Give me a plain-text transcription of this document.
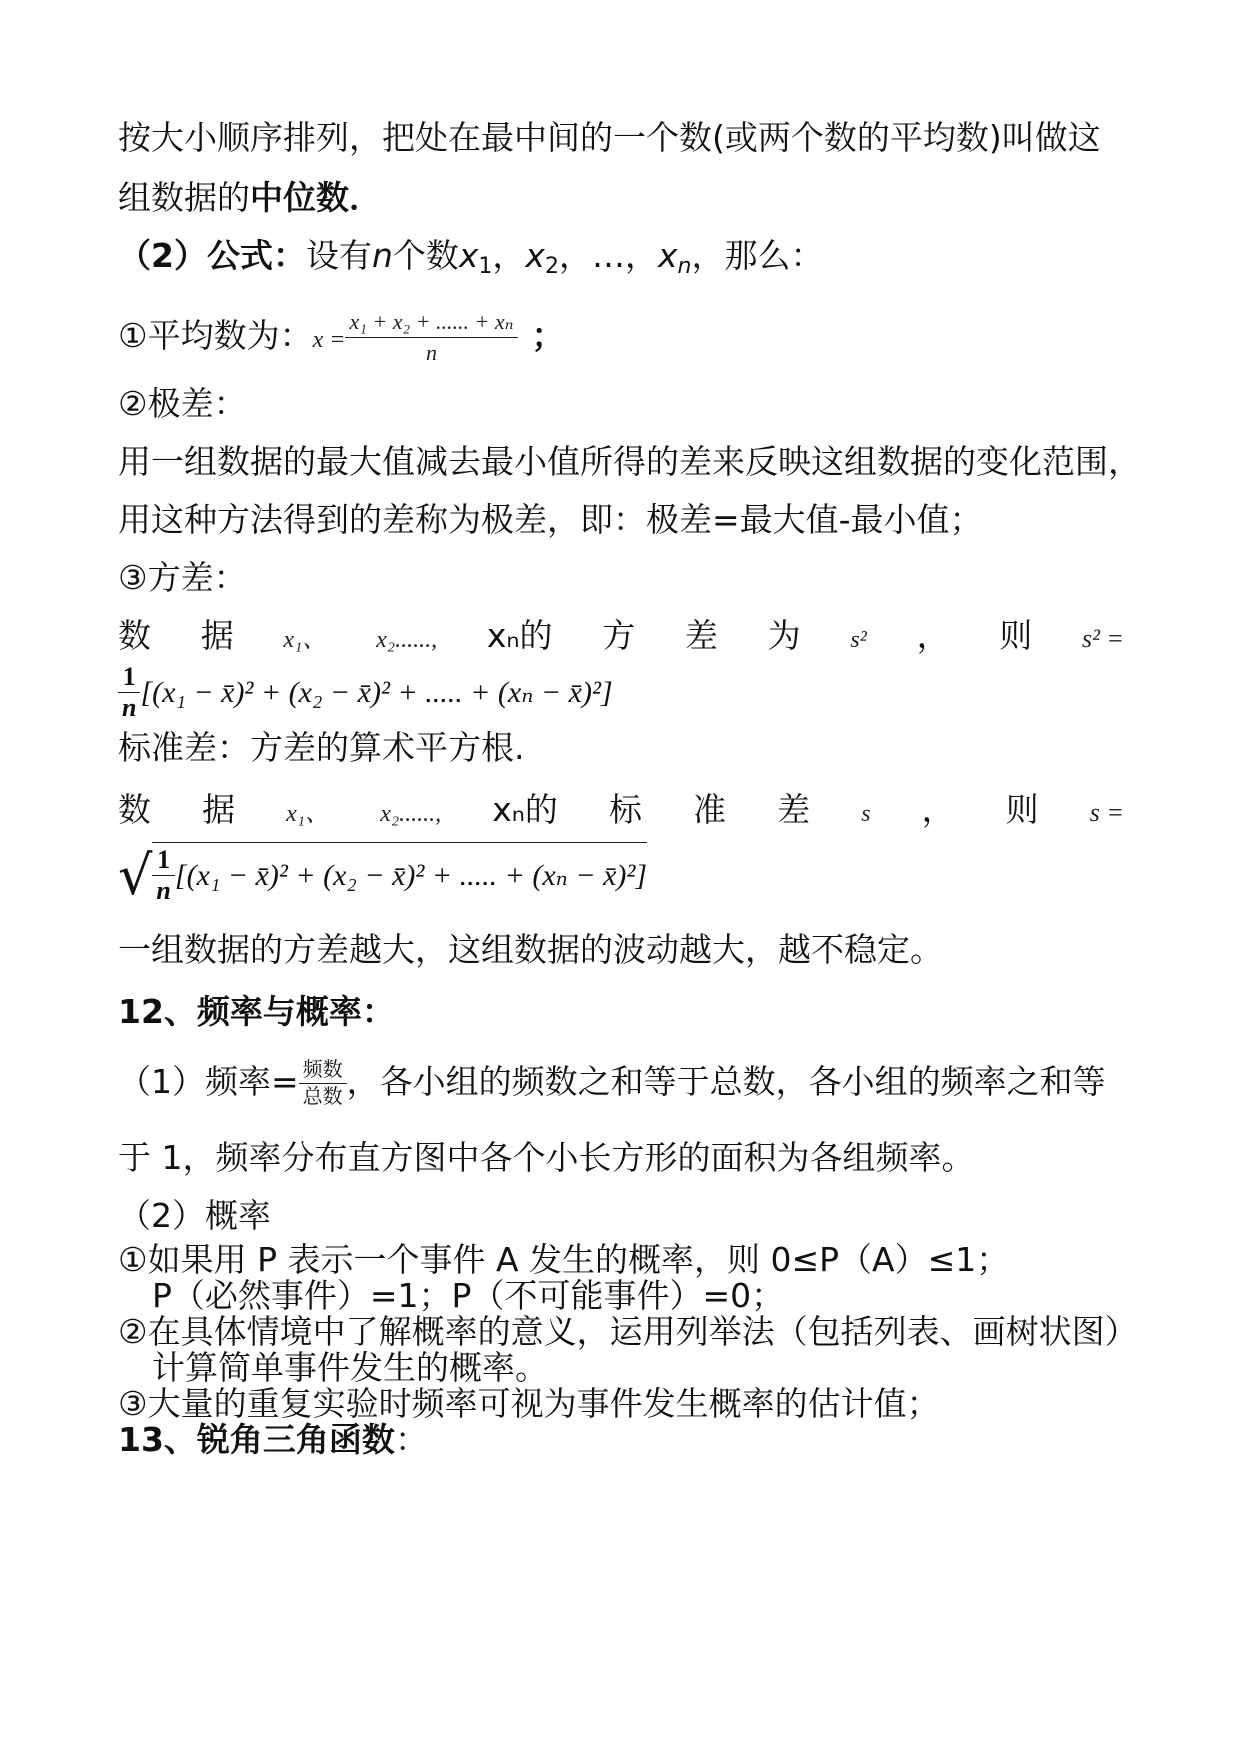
按大小顺序排列，把处在最中间的一个数(或两个数的平均数)叫做这
组数据的中位数．
（2）公式：设有n个数$x_1$，$x_2$，…，$x_n$，那么：
①平均数为：$x = \frac{\text{x₁ + x₂ + ...... + xₙ}}{n}$ ；
②极差：
用一组数据的最大值减去最小值所得的差来反映这组数据的变化范围，
用这种方法得到的差称为极差，即：极差=最大值-最小值；
③方差：
数 据 x₁、 x₂......, xₙ的 方 差 为 s² ， 则 s² =
$\frac{1}{n} [(x_1$ − x̄)² + (x₂ − x̄)² + ..... + (xₙ − x̄)²]
标准差：方差的算术平方根.
数 据 x₁、 x₂......, xₙ的 标 准 差 s ， 则 s =
√ $\frac{1}{n} [(x_1$ − x̄)² + (x₂ − x̄)² + ..... + (xₙ − x̄)²]
一组数据的方差越大，这组数据的波动越大，越不稳定。
12、频率与概率：
（1）频率= $\frac{\text{频数}}{\text{总数}}$ ，各小组的频数之和等于总数，各小组的频率之和等
于 1，频率分布直方图中各个小长方形的面积为各组频率。
（2）概率
①如果用 P 表示一个事件 A 发生的概率，则 0≤P（A）≤1；
P（必然事件）=1；P（不可能事件）=0；
②在具体情境中了解概率的意义，运用列举法（包括列表、画树状图）
计算简单事件发生的概率。
③大量的重复实验时频率可视为事件发生概率的估计值；
13、锐角三角函数：
